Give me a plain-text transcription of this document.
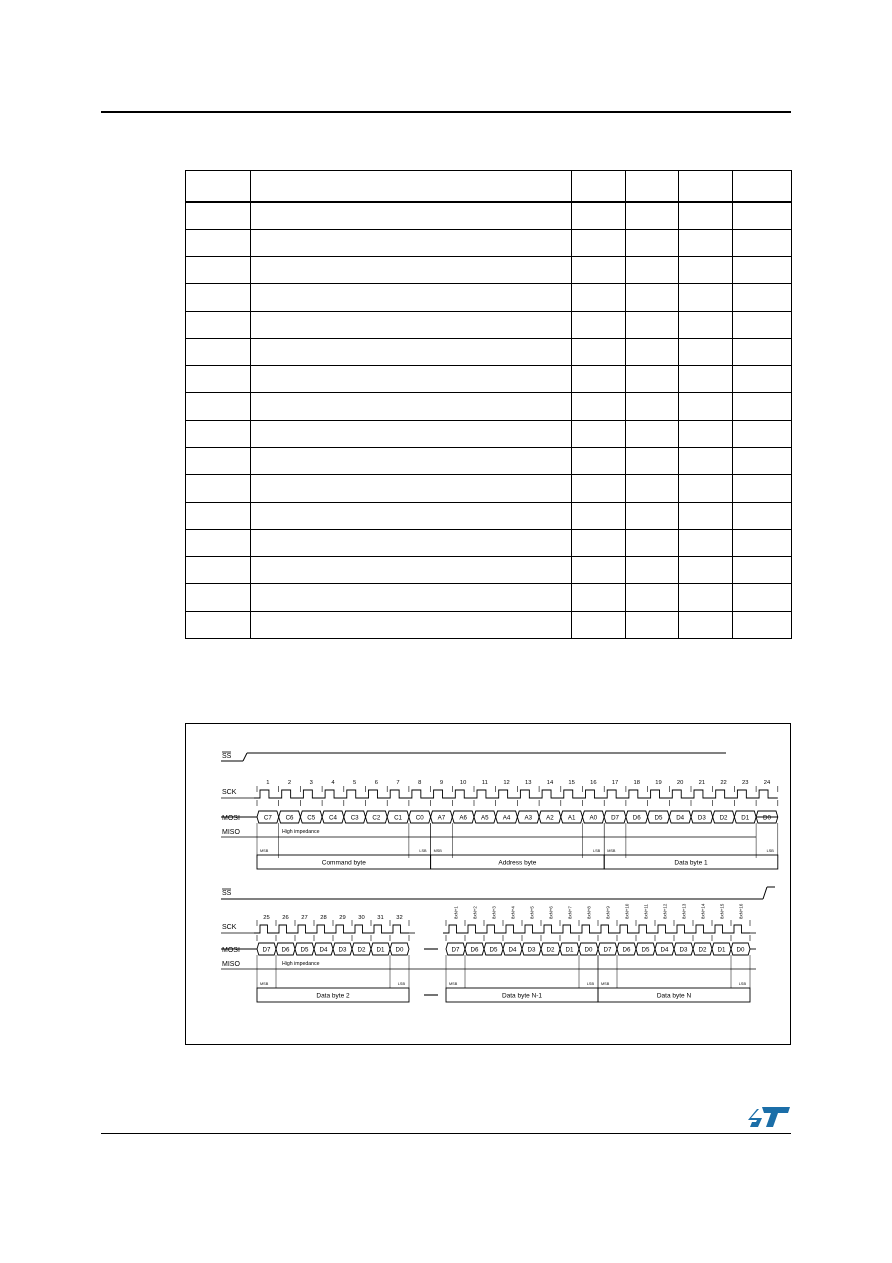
SS
1	2	3	4	5	6	7	8	9	10	11	12	13	14	15	16	17	18	19	20	21	22	23	24
SCK
MOSI	C7 C6 C5 C4 C3 C2 C1 C0 A7 A6 A5 A4 A3 A2 A1 A0 D7 D6 D5 D4 D3 D2 D1 D0
MISO	High impedance
MSB	LSB MSB	LSB MSB	LSB
Command byte	Address byte	Data byte 1
SS
25 26 27 28 29 30 31 32	8xN+1	8xN+2	8xN+3	8xN+4	8xN+5	8xN+6	8xN+7	8xN+8	8xN+9	8xN+10	8xN+11	8xN+12	8xN+13	8xN+14	8xN+15	8xN+16
SCK
MOSI	D7 D6 D5 D4 D3 D2 D1 D0	D7 D6 D5 D4 D3 D2 D1 D0 D7 D6 D5 D4 D3 D2 D1 D0
MISO	High impedance
MSB	LSB	MSB	LSB MSB	LSB
Data byte 2	Data byte N-1	Data byte N
